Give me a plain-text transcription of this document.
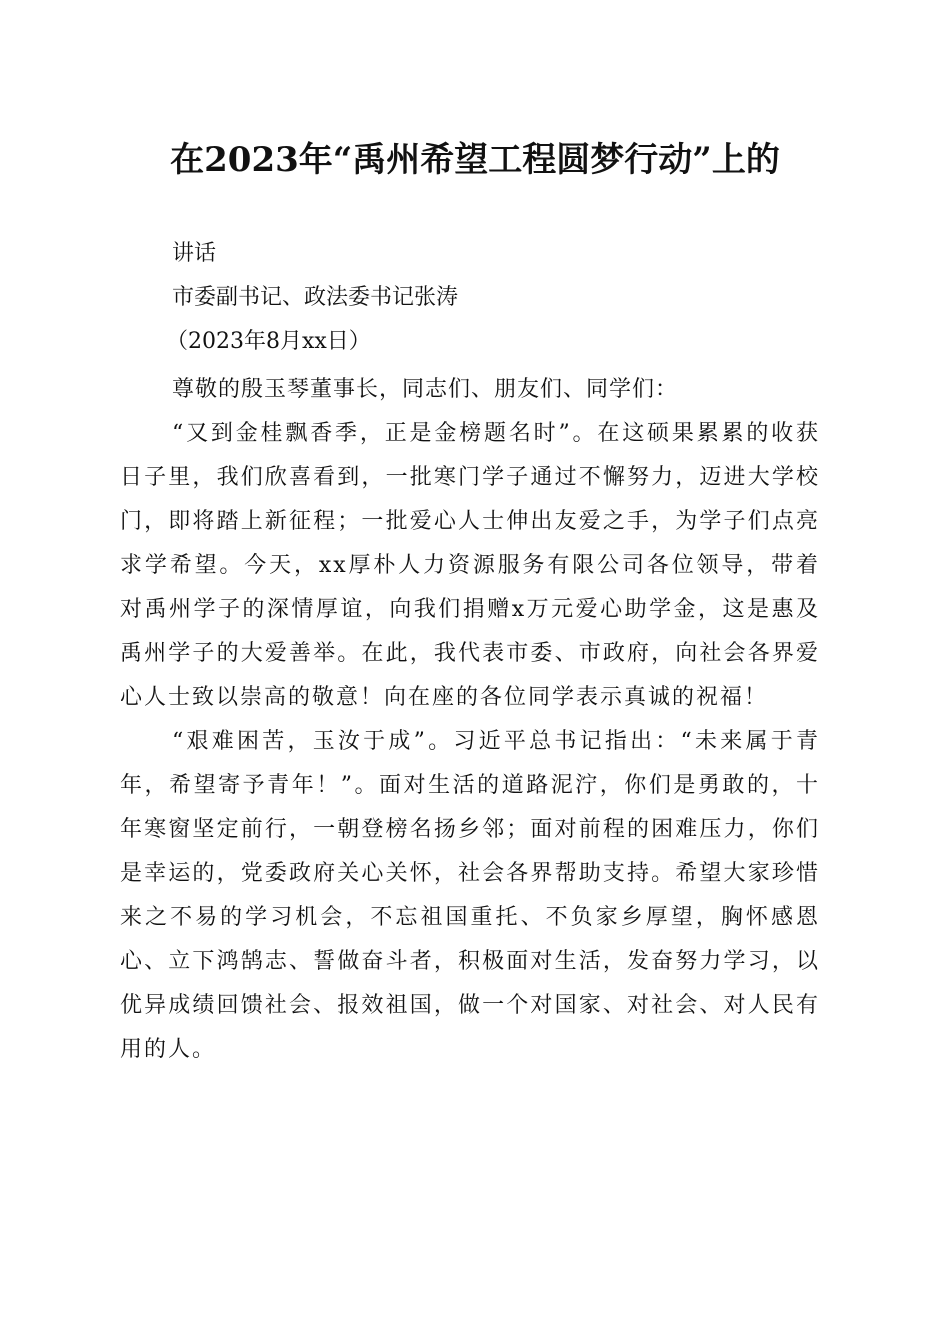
在2023年“禹州希望工程圆梦行动”上的
讲话
市委副书记、政法委书记张涛
（2023年8月xx日）

尊敬的殷玉琴董事长，同志们、朋友们、同学们：

“又到金桂飘香季，正是金榜题名时”。在这硕果累累的收获日子里，我们欣喜看到，一批寒门学子通过不懈努力，迈进大学校门，即将踏上新征程；一批爱心人士伸出友爱之手，为学子们点亮求学希望。今天，xx厚朴人力资源服务有限公司各位领导，带着对禹州学子的深情厚谊，向我们捐赠x万元爱心助学金，这是惠及禹州学子的大爱善举。在此，我代表市委、市政府，向社会各界爱心人士致以崇高的敬意！向在座的各位同学表示真诚的祝福！

“艰难困苦，玉汝于成”。习近平总书记指出：“未来属于青年，希望寄予青年！”。面对生活的道路泥泞，你们是勇敢的，十年寒窗坚定前行，一朝登榜名扬乡邻；面对前程的困难压力，你们是幸运的，党委政府关心关怀，社会各界帮助支持。希望大家珍惜来之不易的学习机会，不忘祖国重托、不负家乡厚望，胸怀感恩心、立下鸿鹄志、誓做奋斗者，积极面对生活，发奋努力学习，以优异成绩回馈社会、报效祖国，做一个对国家、对社会、对人民有用的人。
